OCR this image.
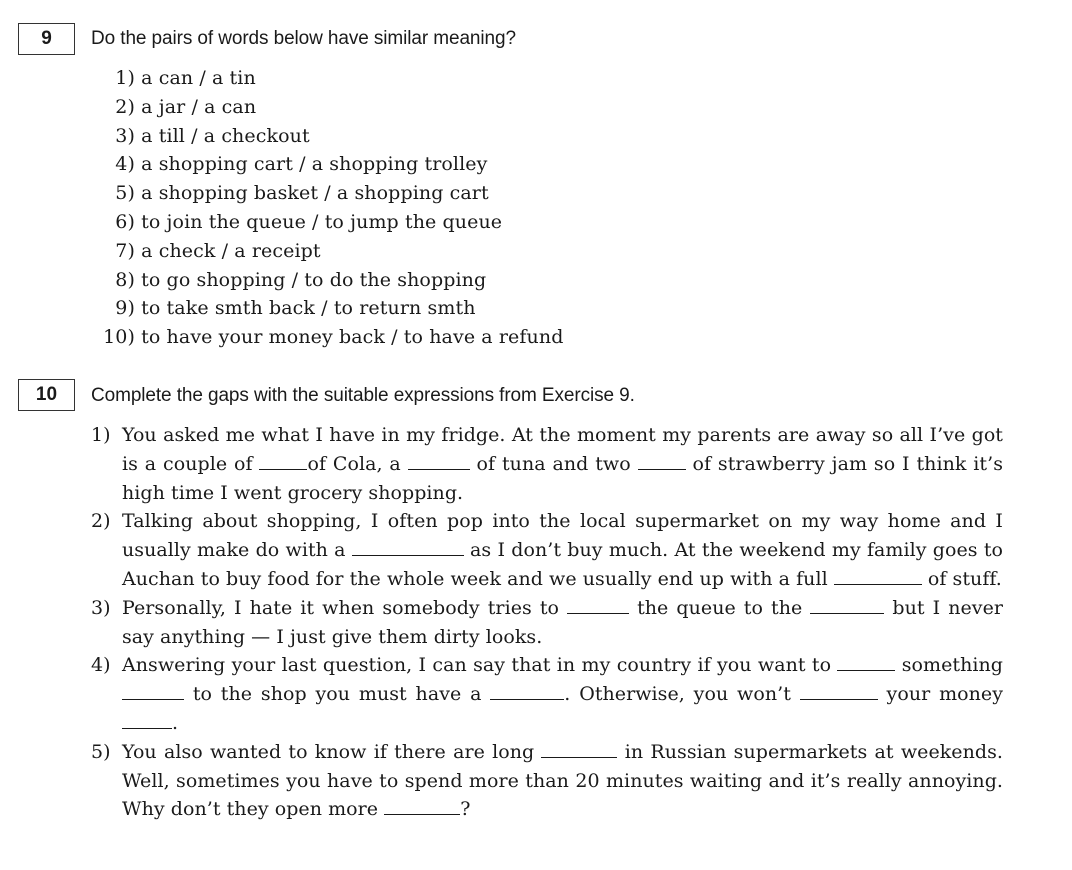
9 Do the pairs of words below have similar meaning?
1) a can / a tin
2) a jar / a can
3) a till / a checkout
4) a shopping cart / a shopping trolley
5) a shopping basket / a shopping cart
6) to join the queue / to jump the queue
7) a check / a receipt
8) to go shopping / to do the shopping
9) to take smth back / to return smth
10) to have your money back / to have a refund
10 Complete the gaps with the suitable expressions from Exercise 9.
1) You asked me what I have in my fridge. At the moment my parents are away so all I’ve got is a couple of	of Cola, a	of tuna and two	of strawberry jam so I think it’s high time I went grocery shopping.
2) Talking about shopping, I often pop into the local supermarket on my way home and I usually make do with a	as I don’t buy much. At the weekend my family goes to Auchan to buy food for the whole week and we usually end up with a full	of stuff.
3) Personally, I hate it when somebody tries to	the queue to the	but I never say anything — I just give them dirty looks.
4) Answering your last question, I can say that in my country if you want to	something  to the shop you must have a	. Otherwise, you won’t	your money .
5) You also wanted to know if there are long	in Russian supermarkets at weekends. Well, sometimes you have to spend more than 20 minutes waiting and it’s really annoying. Why don’t they open more	?
